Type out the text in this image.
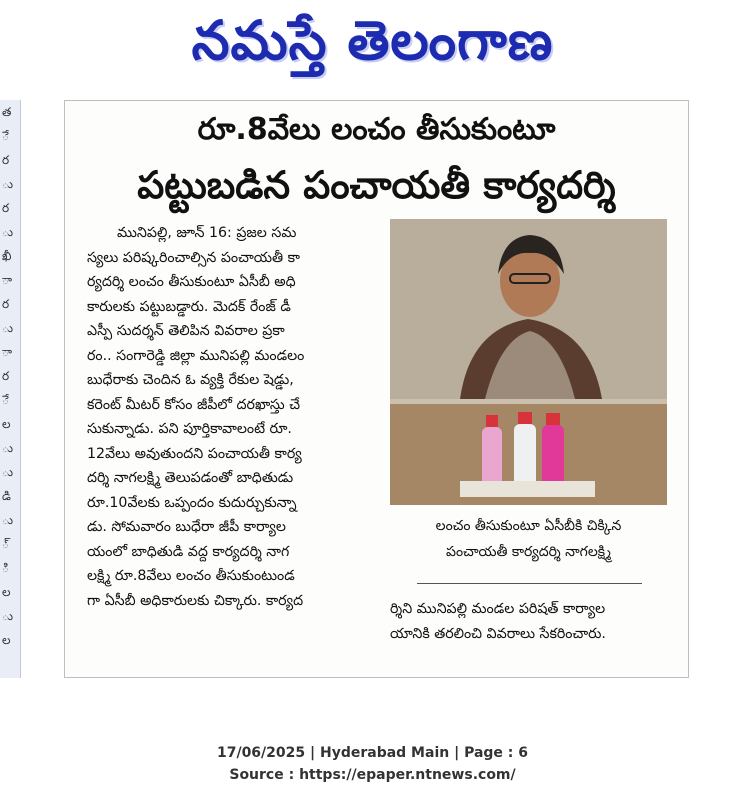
నమస్తే తెలంగాణ
త
ే
ర
ు
ర
ు
ఖీ
ా
ర
ు
ా
ర
ే
ల
ు
ు
డి
ు
్
ి
ల
ు
ల
రూ.8వేలు లంచం తీసుకుంటూ
పట్టుబడిన పంచాయతీ కార్యదర్శి
మునిపల్లి, జూన్ 16: ప్రజల సమ
స్యలు పరిష్కరించాల్సిన పంచాయతీ కా
ర్యదర్శి లంచం తీసుకుంటూ ఏసీబీ అధి
కారులకు పట్టుబడ్డారు. మెదక్ రేంజ్ డీ
ఎస్పీ సుదర్శన్ తెలిపిన వివరాల ప్రకా
రం.. సంగారెడ్డి జిల్లా మునిపల్లి మండలం
బుధేరాకు చెందిన ఓ వ్యక్తి రేకుల షెడ్డు,
కరెంట్ మీటర్ కోసం జీపీలో దరఖాస్తు చే
సుకున్నాడు. పని పూర్తికావాలంటే రూ.
12వేలు అవుతుందని పంచాయతీ కార్య
దర్శి నాగలక్ష్మి తెలుపడంతో బాధితుడు
రూ.10వేలకు ఒప్పందం కుదుర్చుకున్నా
డు. సోమవారం బుధేరా జీపీ కార్యాల
యంలో బాధితుడి వద్ద కార్యదర్శి నాగ
లక్ష్మి రూ.8వేలు లంచం తీసుకుంటుండ
గా ఏసీబీ అధికారులకు చిక్కారు. కార్యద
లంచం తీసుకుంటూ ఏసీబీకి చిక్కిన
పంచాయతీ కార్యదర్శి నాగలక్ష్మి
ర్శిని మునిపల్లి మండల పరిషత్ కార్యాల
యానికి తరలించి వివరాలు సేకరించారు.
17/06/2025 | Hyderabad Main | Page : 6
Source : https://epaper.ntnews.com/
